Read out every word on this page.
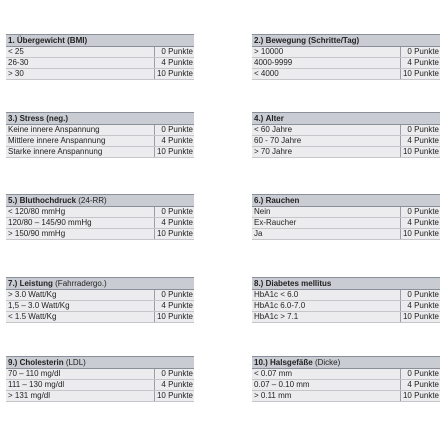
1. Übergewicht (BMI)
< 25	0 Punkte
26-30	4 Punkte
> 30	10 Punkte
2.) Bewegung (Schritte/Tag)
> 10000	0 Punkte
4000-9999	4 Punkte
< 4000	10 Punkte
3.) Stress (neg.)
Keine innere Anspannung	0 Punkte
Mittlere innere Anspannung	4 Punkte
Starke innere Anspannung	10 Punkte
4.) Alter
< 60 Jahre	0 Punkte
60 - 70 Jahre	4 Punkte
> 70 Jahre	10 Punkte
5.) Bluthochdruck (24-RR)
< 120/80 mmHg	0 Punkte
120/80 – 145/90 mmHg	4 Punkte
> 150/90 mmHg	10 Punkte
6.) Rauchen
Nein	0 Punkte
Ex-Raucher	4 Punkte
Ja	10 Punkte
7.) Leistung (Fahrradergo.)
> 3.0 Watt/Kg	0 Punkte
1,5 – 3.0 Watt/Kg	4 Punkte
< 1.5 Watt/Kg	10 Punkte
8.) Diabetes mellitus
HbA1c < 6.0	0 Punkte
HbA1c 6.0-7.0	4 Punkte
HbA1c > 7.1	10 Punkte
9.) Cholesterin (LDL)
70 – 110 mg/dl	0 Punkte
111 – 130 mg/dl	4 Punkte
> 131 mg/dl	10 Punkte
10.) Halsgefäße (Dicke)
< 0.07 mm	0 Punkte
0.07 – 0.10 mm	4 Punkte
> 0.11 mm	10 Punkte
